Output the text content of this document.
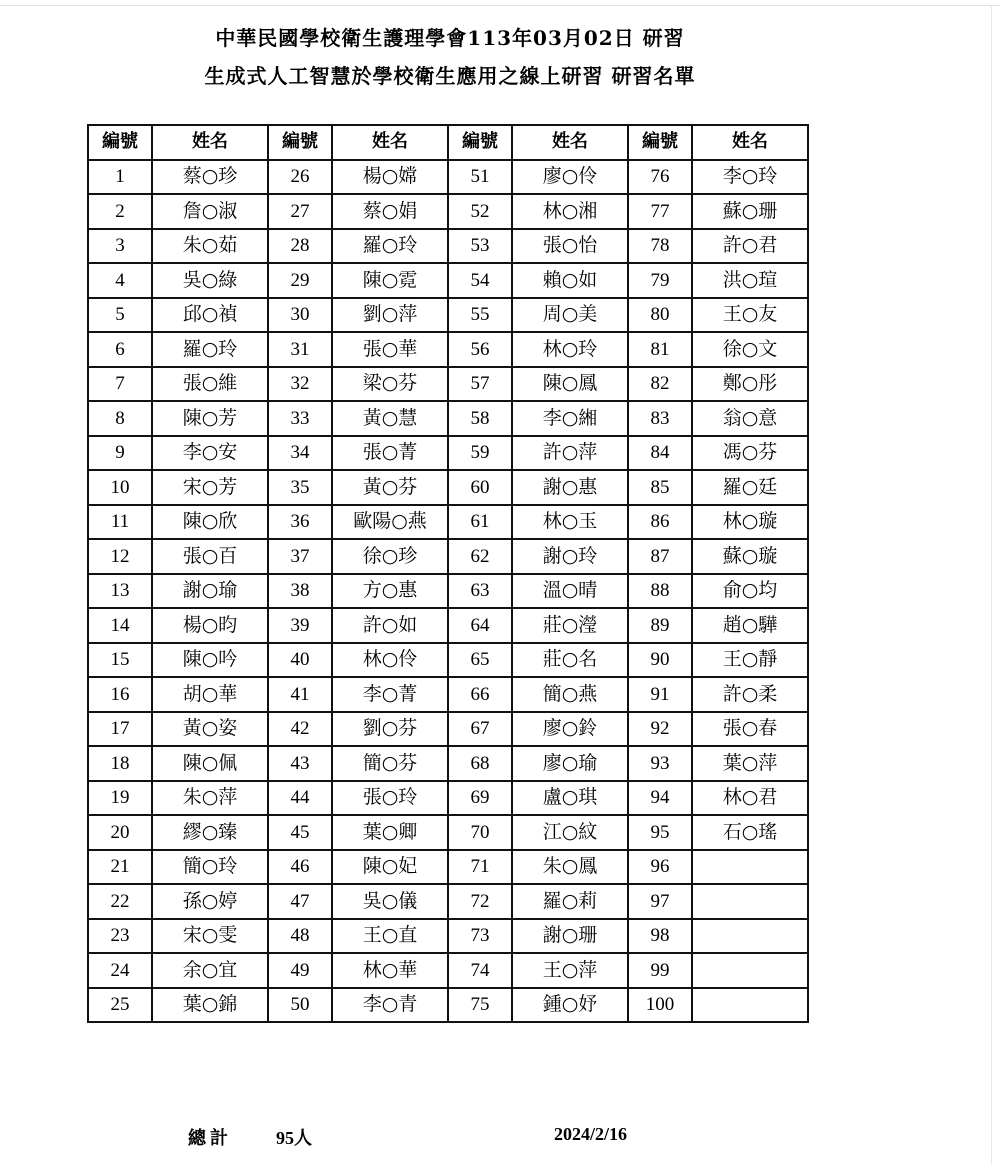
中華民國學校衛生護理學會113年03月02日 研習
生成式人工智慧於學校衛生應用之線上研習 研習名單
編號	姓名	編號	姓名	編號	姓名	編號	姓名
1	蔡○珍	26	楊○嫦	51	廖○伶	76	李○玲
2	詹○淑	27	蔡○娟	52	林○湘	77	蘇○珊
3	朱○茹	28	羅○玲	53	張○怡	78	許○君
4	吳○綠	29	陳○霓	54	賴○如	79	洪○瑄
5	邱○禎	30	劉○萍	55	周○美	80	王○友
6	羅○玲	31	張○華	56	林○玲	81	徐○文
7	張○維	32	梁○芬	57	陳○鳳	82	鄭○彤
8	陳○芳	33	黃○慧	58	李○緗	83	翁○意
9	李○安	34	張○菁	59	許○萍	84	馮○芬
10	宋○芳	35	黃○芬	60	謝○惠	85	羅○廷
11	陳○欣	36	歐陽○燕	61	林○玉	86	林○璇
12	張○百	37	徐○珍	62	謝○玲	87	蘇○璇
13	謝○瑜	38	方○惠	63	溫○晴	88	俞○均
14	楊○昀	39	許○如	64	莊○瀅	89	趙○驊
15	陳○吟	40	林○伶	65	莊○名	90	王○靜
16	胡○華	41	李○菁	66	簡○燕	91	許○柔
17	黃○姿	42	劉○芬	67	廖○鈴	92	張○春
18	陳○佩	43	簡○芬	68	廖○瑜	93	葉○萍
19	朱○萍	44	張○玲	69	盧○琪	94	林○君
20	繆○臻	45	葉○卿	70	江○紋	95	石○瑤
21	簡○玲	46	陳○妃	71	朱○鳳	96	
22	孫○婷	47	吳○儀	72	羅○莉	97	
23	宋○雯	48	王○直	73	謝○珊	98	
24	余○宜	49	林○華	74	王○萍	99	
25	葉○錦	50	李○青	75	鍾○妤	100	
總計 95人	2024/2/16
